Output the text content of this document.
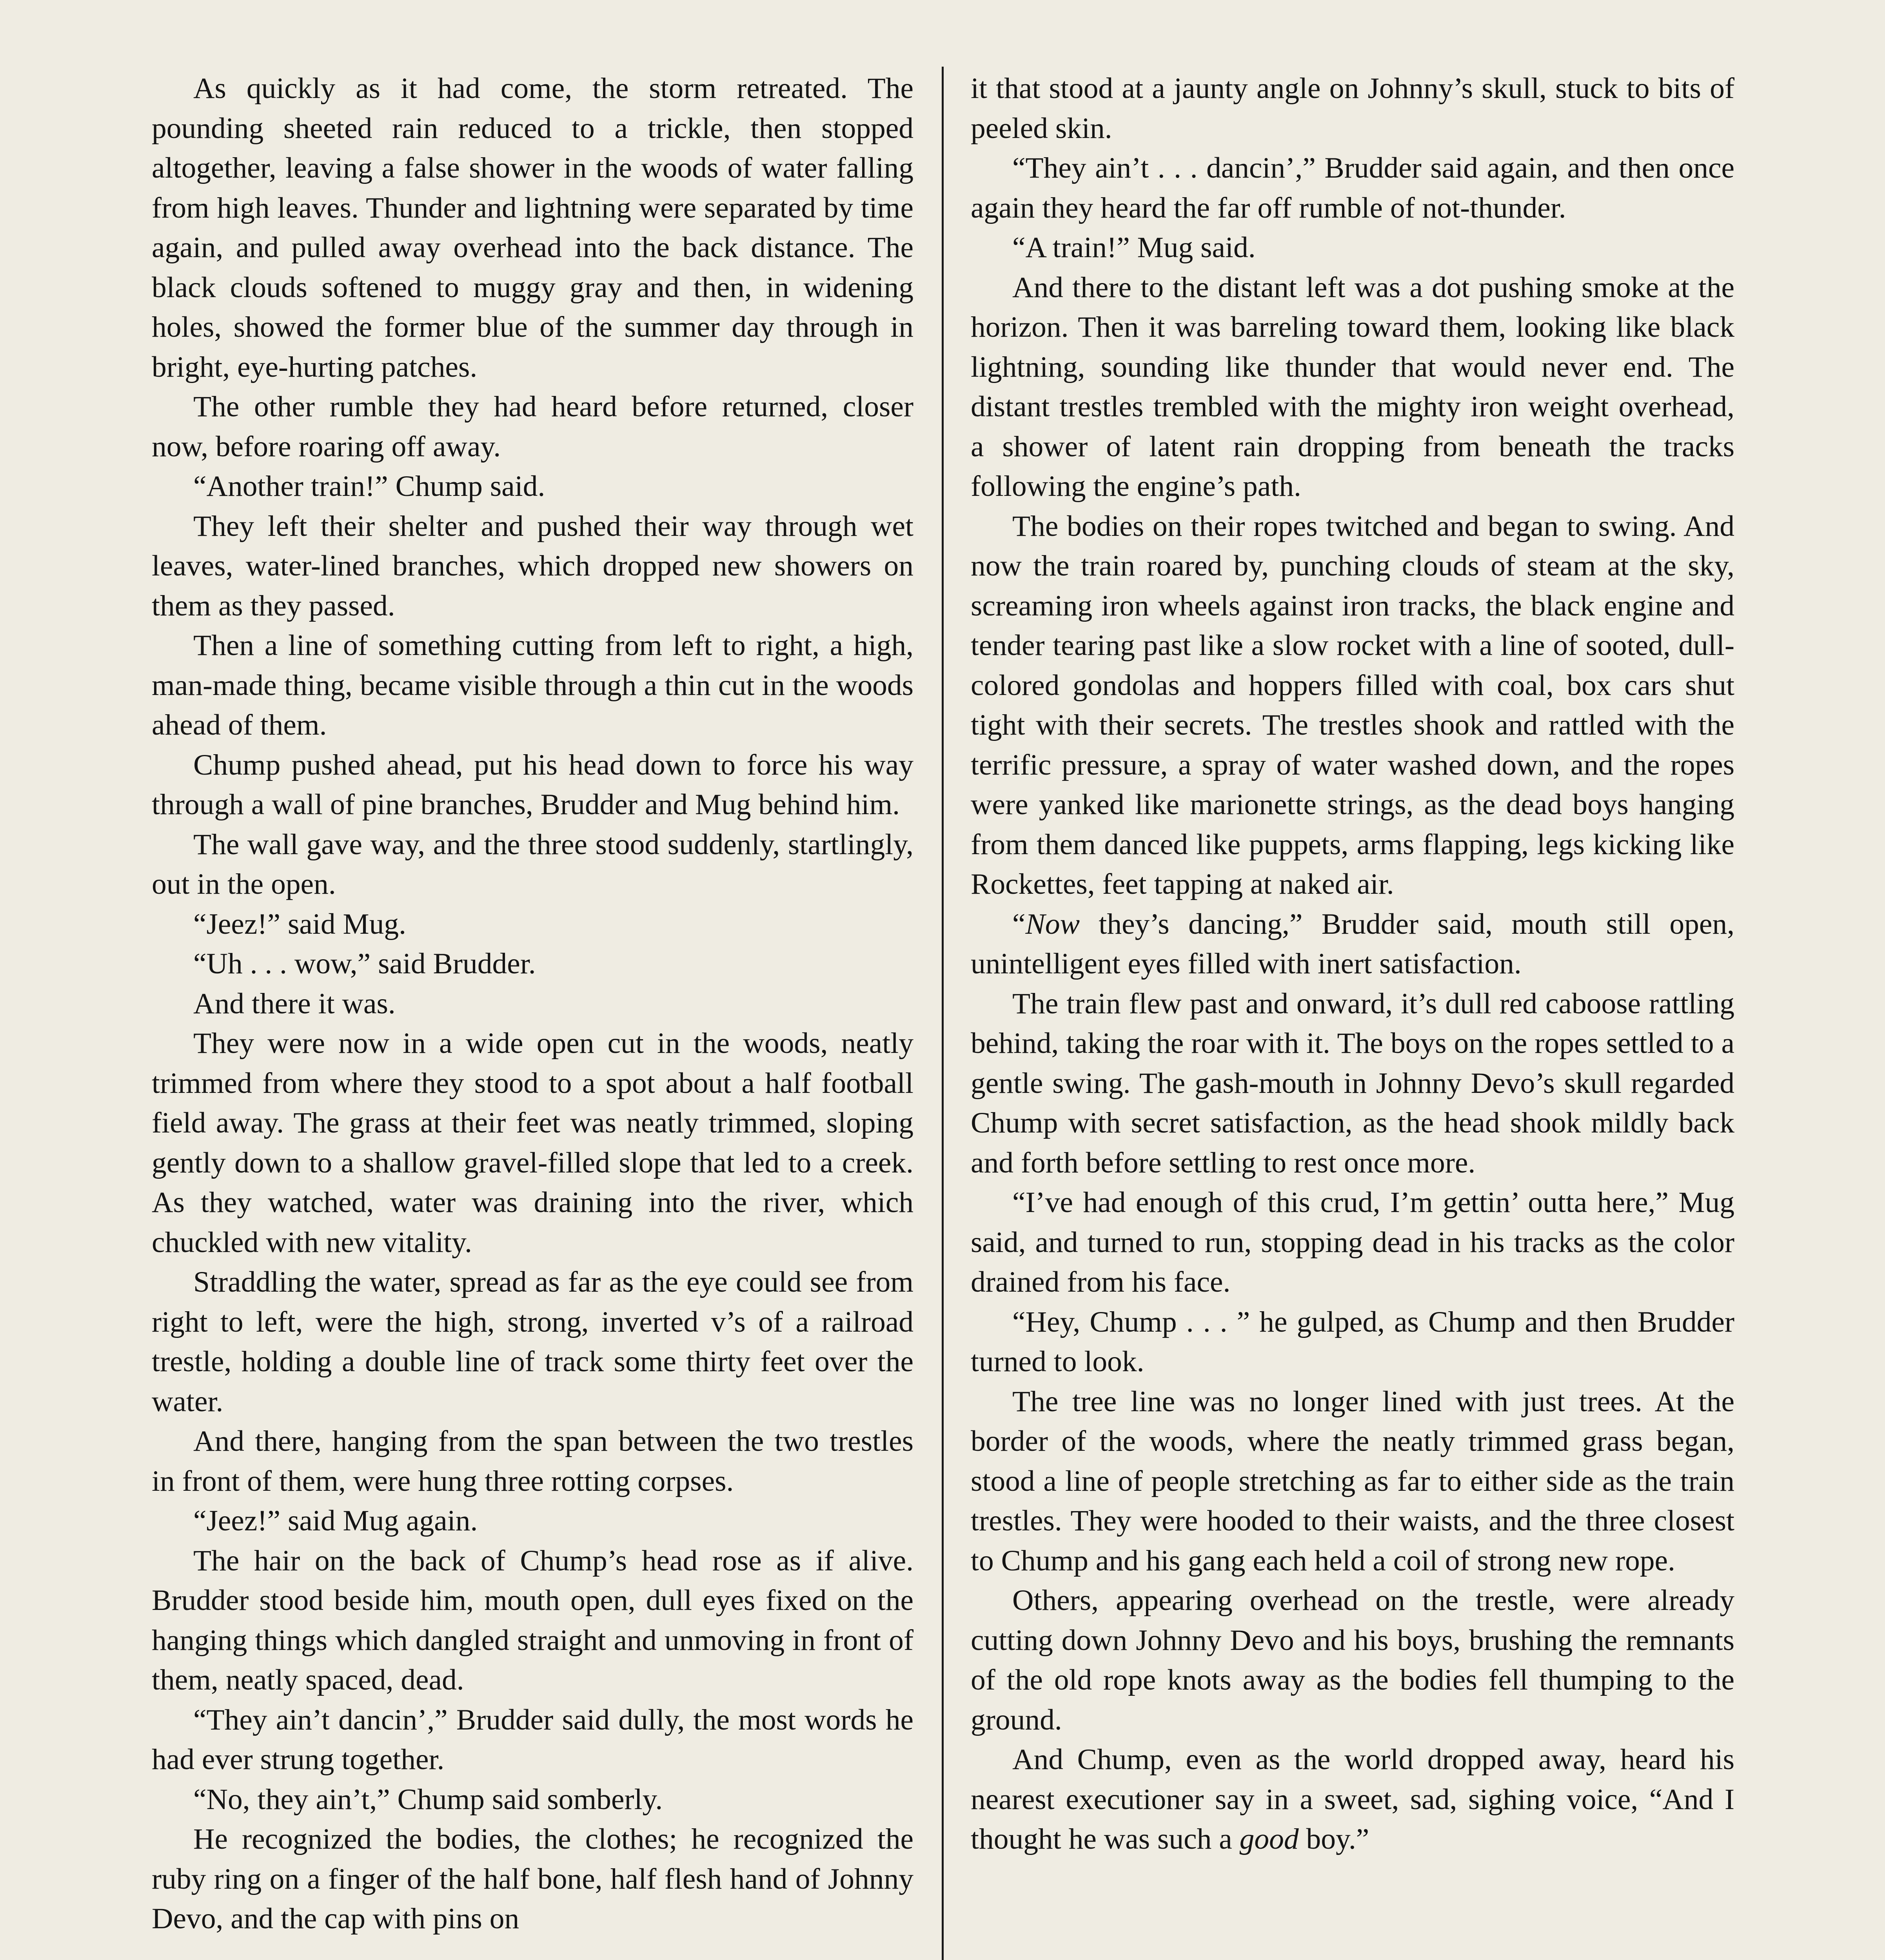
As quickly as it had come, the storm retreated. The pounding sheeted rain reduced to a trickle, then stopped altogether, leaving a false shower in the woods of water falling from high leaves. Thunder and lightning were separated by time again, and pulled away overhead into the back distance. The black clouds softened to muggy gray and then, in widening holes, showed the former blue of the summer day through in bright, eye-hurting patches.

The other rumble they had heard before returned, closer now, before roaring off away.

“Another train!” Chump said.

They left their shelter and pushed their way through wet leaves, water-lined branches, which dropped new showers on them as they passed.

Then a line of something cutting from left to right, a high, man-made thing, became visible through a thin cut in the woods ahead of them.

Chump pushed ahead, put his head down to force his way through a wall of pine branches, Brudder and Mug behind him.

The wall gave way, and the three stood suddenly, startlingly, out in the open.

“Jeez!” said Mug.

“Uh . . . wow,” said Brudder.

And there it was.

They were now in a wide open cut in the woods, neatly trimmed from where they stood to a spot about a half football field away. The grass at their feet was neatly trimmed, sloping gently down to a shallow gravel-filled slope that led to a creek. As they watched, water was draining into the river, which chuckled with new vitality.

Straddling the water, spread as far as the eye could see from right to left, were the high, strong, inverted v’s of a railroad trestle, holding a double line of track some thirty feet over the water.

And there, hanging from the span between the two trestles in front of them, were hung three rotting corpses.

“Jeez!” said Mug again.

The hair on the back of Chump’s head rose as if alive. Brudder stood beside him, mouth open, dull eyes fixed on the hanging things which dangled straight and unmoving in front of them, neatly spaced, dead.

“They ain’t dancin’,” Brudder said dully, the most words he had ever strung together.

“No, they ain’t,” Chump said somberly.

He recognized the bodies, the clothes; he recognized the ruby ring on a finger of the half bone, half flesh hand of Johnny Devo, and the cap with pins on

it that stood at a jaunty angle on Johnny’s skull, stuck to bits of peeled skin.

“They ain’t . . . dancin’,” Brudder said again, and then once again they heard the far off rumble of not-thunder.

“A train!” Mug said.

And there to the distant left was a dot pushing smoke at the horizon. Then it was barreling toward them, looking like black lightning, sounding like thunder that would never end. The distant trestles trembled with the mighty iron weight overhead, a shower of latent rain dropping from beneath the tracks following the engine’s path.

The bodies on their ropes twitched and began to swing. And now the train roared by, punching clouds of steam at the sky, screaming iron wheels against iron tracks, the black engine and tender tearing past like a slow rocket with a line of sooted, dull-colored gondolas and hoppers filled with coal, box cars shut tight with their secrets. The trestles shook and rattled with the terrific pressure, a spray of water washed down, and the ropes were yanked like marionette strings, as the dead boys hanging from them danced like puppets, arms flapping, legs kicking like Rockettes, feet tapping at naked air.

“Now they’s dancing,” Brudder said, mouth still open, unintelligent eyes filled with inert satisfaction.

The train flew past and onward, it’s dull red caboose rattling behind, taking the roar with it. The boys on the ropes settled to a gentle swing. The gash-mouth in Johnny Devo’s skull regarded Chump with secret satisfaction, as the head shook mildly back and forth before settling to rest once more.

“I’ve had enough of this crud, I’m gettin’ outta here,” Mug said, and turned to run, stopping dead in his tracks as the color drained from his face.

“Hey, Chump . . . ” he gulped, as Chump and then Brudder turned to look.

The tree line was no longer lined with just trees. At the border of the woods, where the neatly trimmed grass began, stood a line of people stretching as far to either side as the train trestles. They were hooded to their waists, and the three closest to Chump and his gang each held a coil of strong new rope.

Others, appearing overhead on the trestle, were already cutting down Johnny Devo and his boys, brushing the remnants of the old rope knots away as the bodies fell thumping to the ground.

And Chump, even as the world dropped away, heard his nearest executioner say in a sweet, sad, sighing voice, “And I thought he was such a good boy.”
